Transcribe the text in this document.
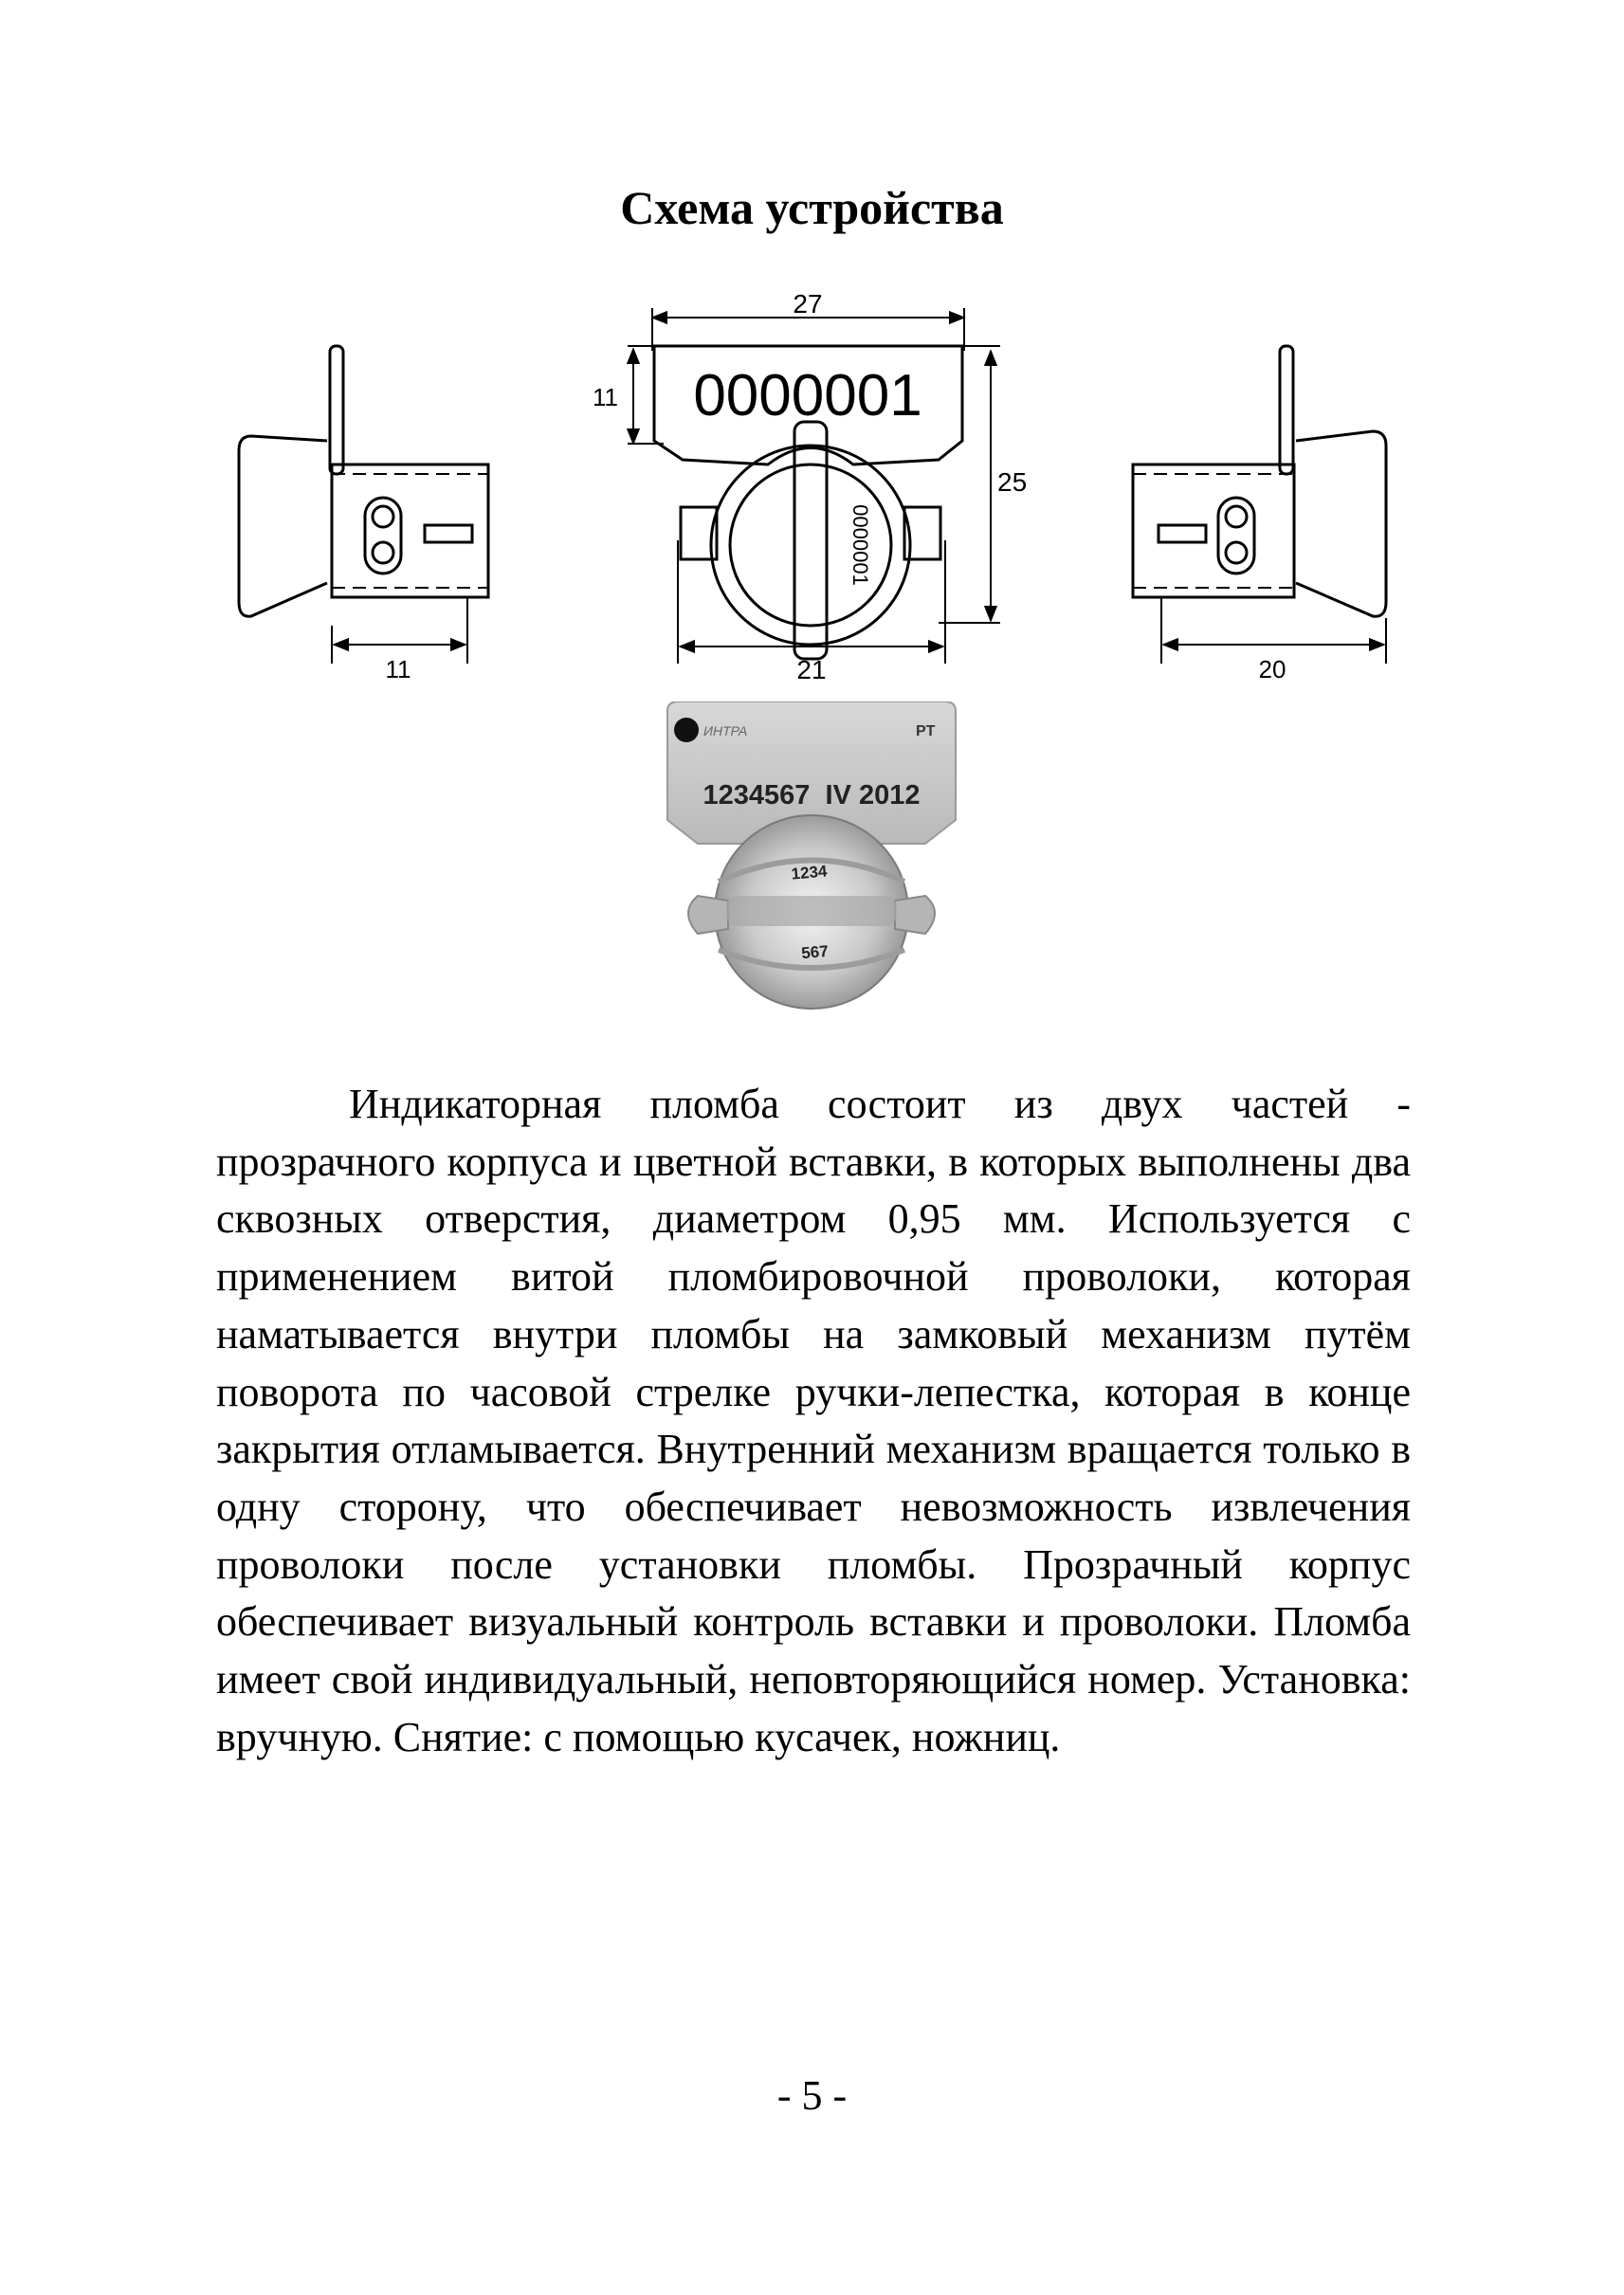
Схема устройства
11
27
11
25
21
0000001
0000001
20
ИНТРА	PT
1234567  IV 2012
1234
567

Индикаторная пломба состоит из двух частей - прозрачного корпуса и цветной вставки, в которых выполнены два сквозных отверстия, диаметром 0,95 мм. Используется с применением витой пломбировочной проволоки, которая наматывается внутри пломбы на замковый механизм путём поворота по часовой стрелке ручки-лепестка, которая в конце закрытия отламывается. Внутренний механизм вращается только в одну сторону, что обеспечивает невозможность извлечения проволоки после установки пломбы. Прозрачный корпус обеспечивает визуальный контроль вставки и проволоки. Пломба имеет свой индивидуальный, неповторяющийся номер. Установка: вручную. Снятие: с помощью кусачек, ножниц.

- 5 -
